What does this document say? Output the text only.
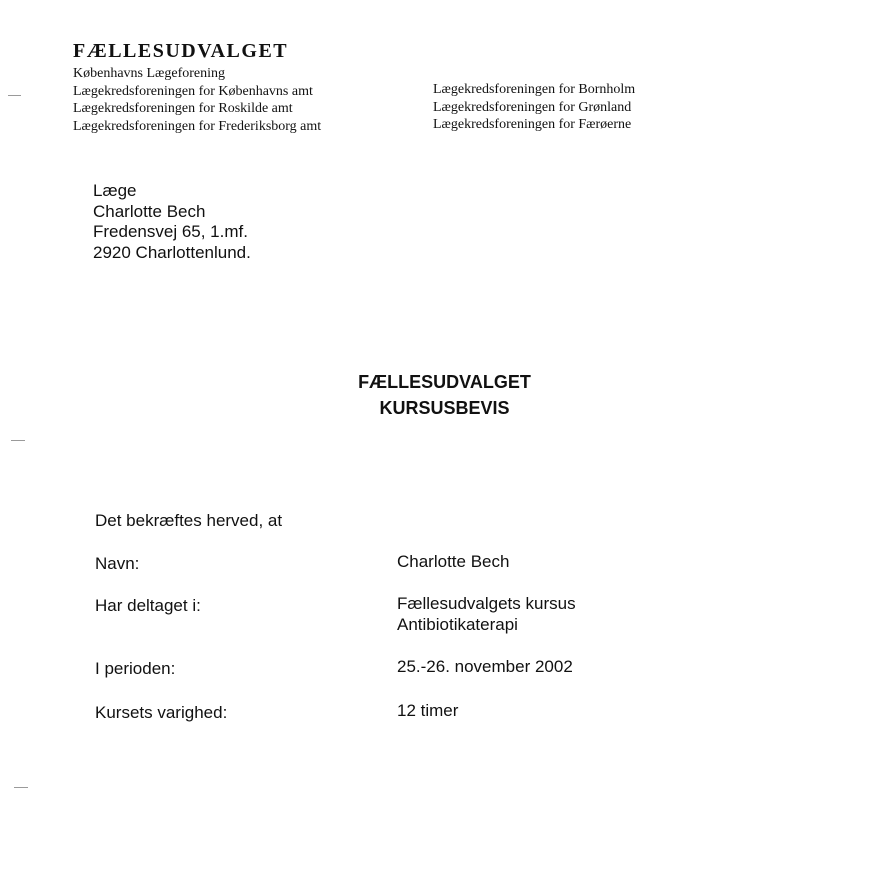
FÆLLESUDVALGET
Københavns Lægeforening
Lægekredsforeningen for Københavns amt
Lægekredsforeningen for Roskilde amt
Lægekredsforeningen for Frederiksborg amt
Lægekredsforeningen for Bornholm
Lægekredsforeningen for Grønland
Lægekredsforeningen for Færøerne
Læge
Charlotte Bech
Fredensvej 65, 1.mf.
2920 Charlottenlund.
FÆLLESUDVALGET
KURSUSBEVIS
Det bekræftes herved, at
Navn:	Charlotte Bech
Har deltaget i:	Fællesudvalgets kursus
Antibiotikaterapi
I perioden:	25.-26. november 2002
Kursets varighed:	12 timer
